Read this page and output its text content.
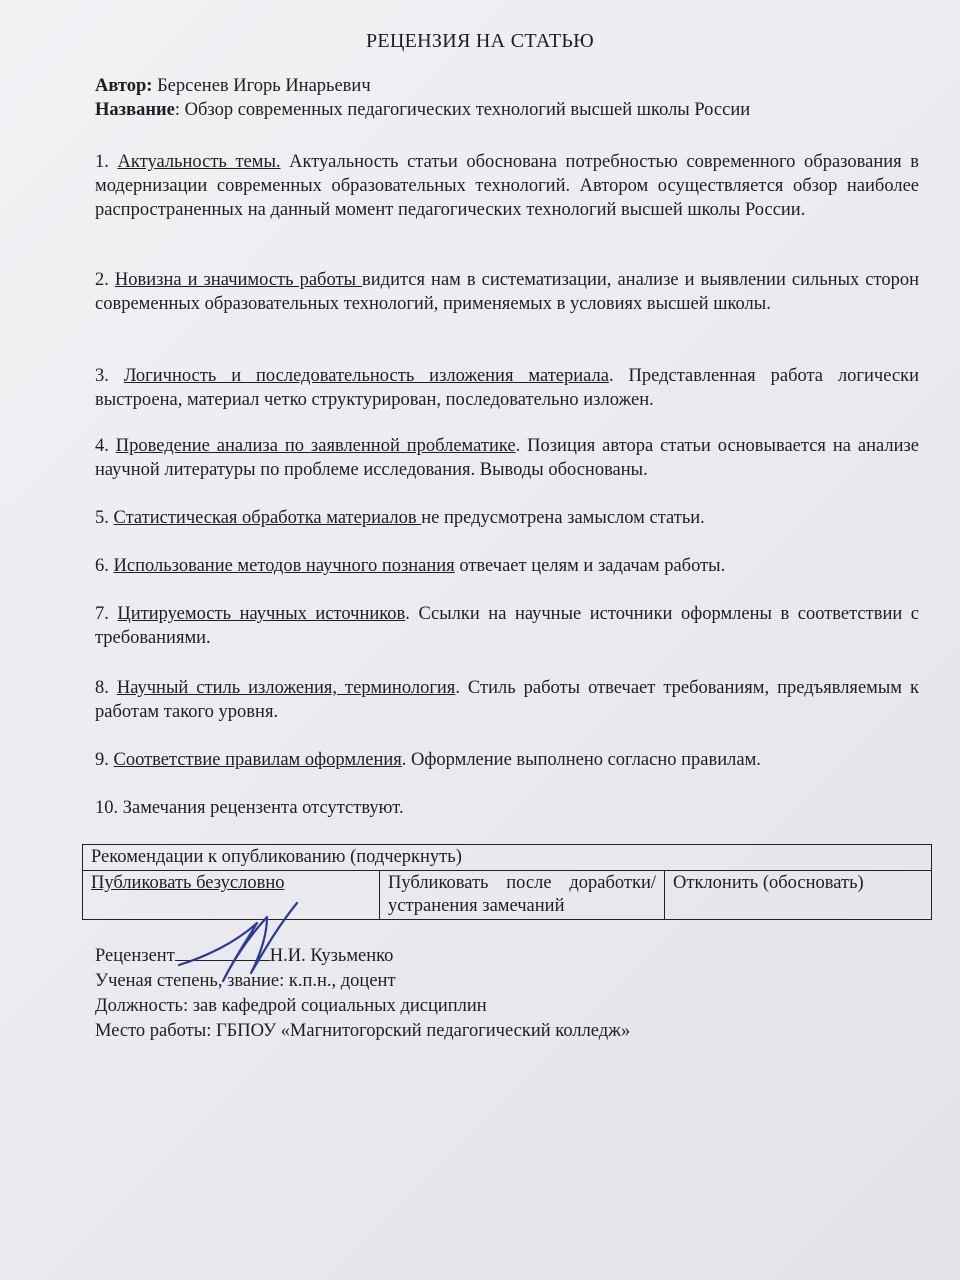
РЕЦЕНЗИЯ НА СТАТЬЮ
Автор: Берсенев Игорь Инарьевич
Название: Обзор современных педагогических технологий высшей школы России
1. Актуальность темы. Актуальность статьи обоснована потребностью современного образования в модернизации современных образовательных технологий. Автором осуществляется обзор наиболее распространенных на данный момент педагогических технологий высшей школы России.
2. Новизна и значимость работы видится нам в систематизации, анализе и выявлении сильных сторон современных образовательных технологий, применяемых в условиях высшей школы.
3. Логичность и последовательность изложения материала. Представленная работа логически выстроена, материал четко структурирован, последовательно изложен.
4. Проведение анализа по заявленной проблематике. Позиция автора статьи основывается на анализе научной литературы по проблеме исследования. Выводы обоснованы.
5. Статистическая обработка материалов не предусмотрена замыслом статьи.
6. Использование методов научного познания отвечает целям и задачам работы.
7. Цитируемость научных источников. Ссылки на научные источники оформлены в соответствии с требованиями.
8. Научный стиль изложения, терминология. Стиль работы отвечает требованиям, предъявляемым к работам такого уровня.
9. Соответствие правилам оформления. Оформление выполнено согласно правилам.
10. Замечания рецензента отсутствуют.
Рекомендации к опубликованию (подчеркнуть)
Публиковать безусловно	Публиковать после доработки/устранения замечаний	Отклонить (обосновать)
Рецензент	Н.И. Кузьменко
Ученая степень, звание: к.п.н., доцент
Должность: зав кафедрой социальных дисциплин
Место работы: ГБПОУ «Магнитогорский педагогический колледж»
